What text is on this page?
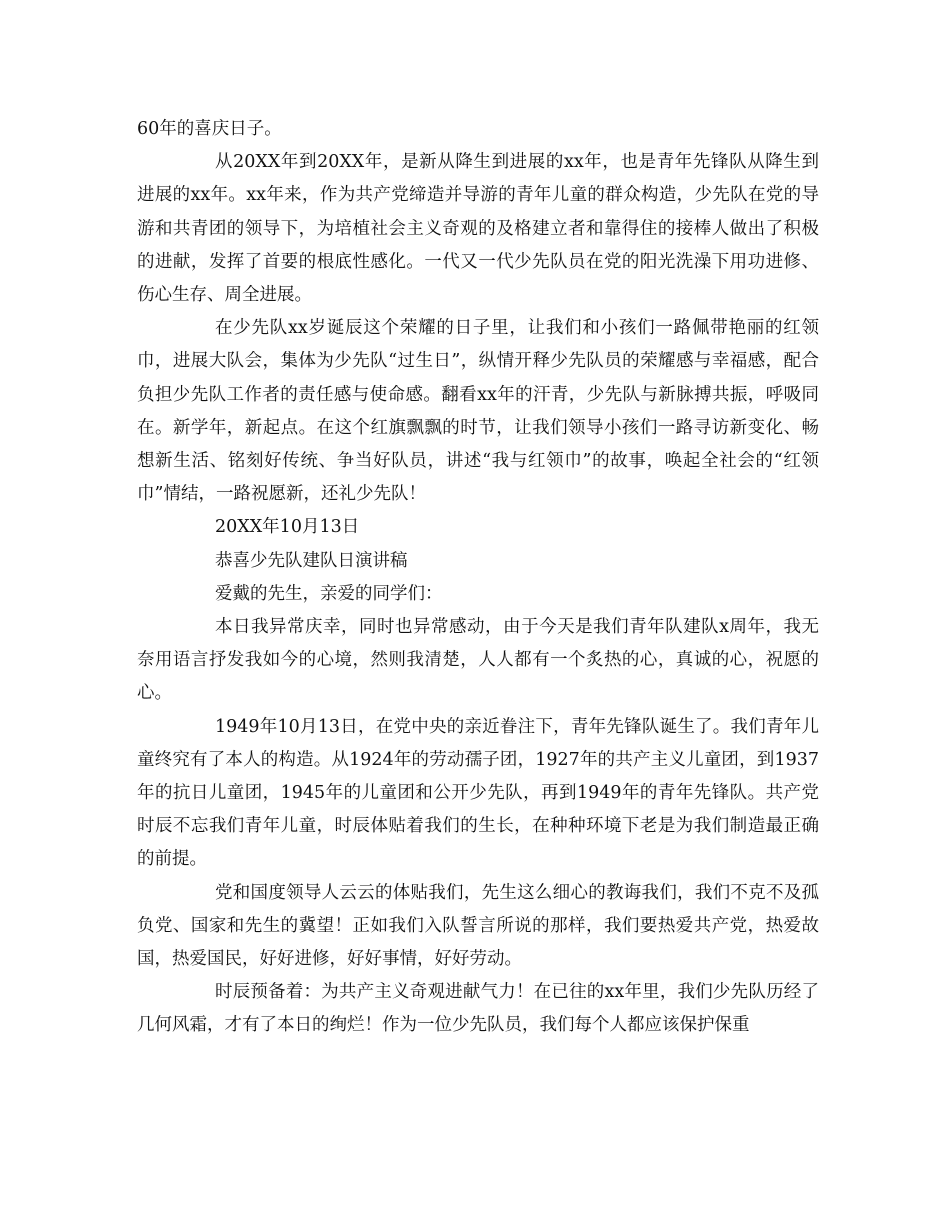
60年的喜庆日子。

从20XX年到20XX年，是新从降生到进展的xx年，也是青年先锋队从降生到进展的xx年。xx年来，作为共产党缔造并导游的青年儿童的群众构造，少先队在党的导游和共青团的领导下，为培植社会主义奇观的及格建立者和靠得住的接棒人做出了积极的进献，发挥了首要的根底性感化。一代又一代少先队员在党的阳光洗澡下用功进修、伤心生存、周全进展。

在少先队xx岁诞辰这个荣耀的日子里，让我们和小孩们一路佩带艳丽的红领巾，进展大队会，集体为少先队“过生日”，纵情开释少先队员的荣耀感与幸福感，配合负担少先队工作者的责任感与使命感。翻看xx年的汗青，少先队与新脉搏共振，呼吸同在。新学年，新起点。在这个红旗飘飘的时节，让我们领导小孩们一路寻访新变化、畅想新生活、铭刻好传统、争当好队员，讲述“我与红领巾”的故事，唤起全社会的“红领巾”情结，一路祝愿新，还礼少先队！

20XX年10月13日

恭喜少先队建队日演讲稿

爱戴的先生，亲爱的同学们：

本日我异常庆幸，同时也异常感动，由于今天是我们青年队建队x周年，我无奈用语言抒发我如今的心境，然则我清楚，人人都有一个炙热的心，真诚的心，祝愿的心。

1949年10月13日，在党中央的亲近眷注下，青年先锋队诞生了。我们青年儿童终究有了本人的构造。从1924年的劳动孺子团，1927年的共产主义儿童团，到1937年的抗日儿童团，1945年的儿童团和公开少先队，再到1949年的青年先锋队。共产党时辰不忘我们青年儿童，时辰体贴着我们的生长，在种种环境下老是为我们制造最正确的前提。

党和国度领导人云云的体贴我们，先生这么细心的教诲我们，我们不克不及孤负党、国家和先生的冀望！正如我们入队誓言所说的那样，我们要热爱共产党，热爱故国，热爱国民，好好进修，好好事情，好好劳动。

时辰预备着：为共产主义奇观进献气力！在已往的xx年里，我们少先队历经了几何风霜，才有了本日的绚烂！作为一位少先队员，我们每个人都应该保护保重
